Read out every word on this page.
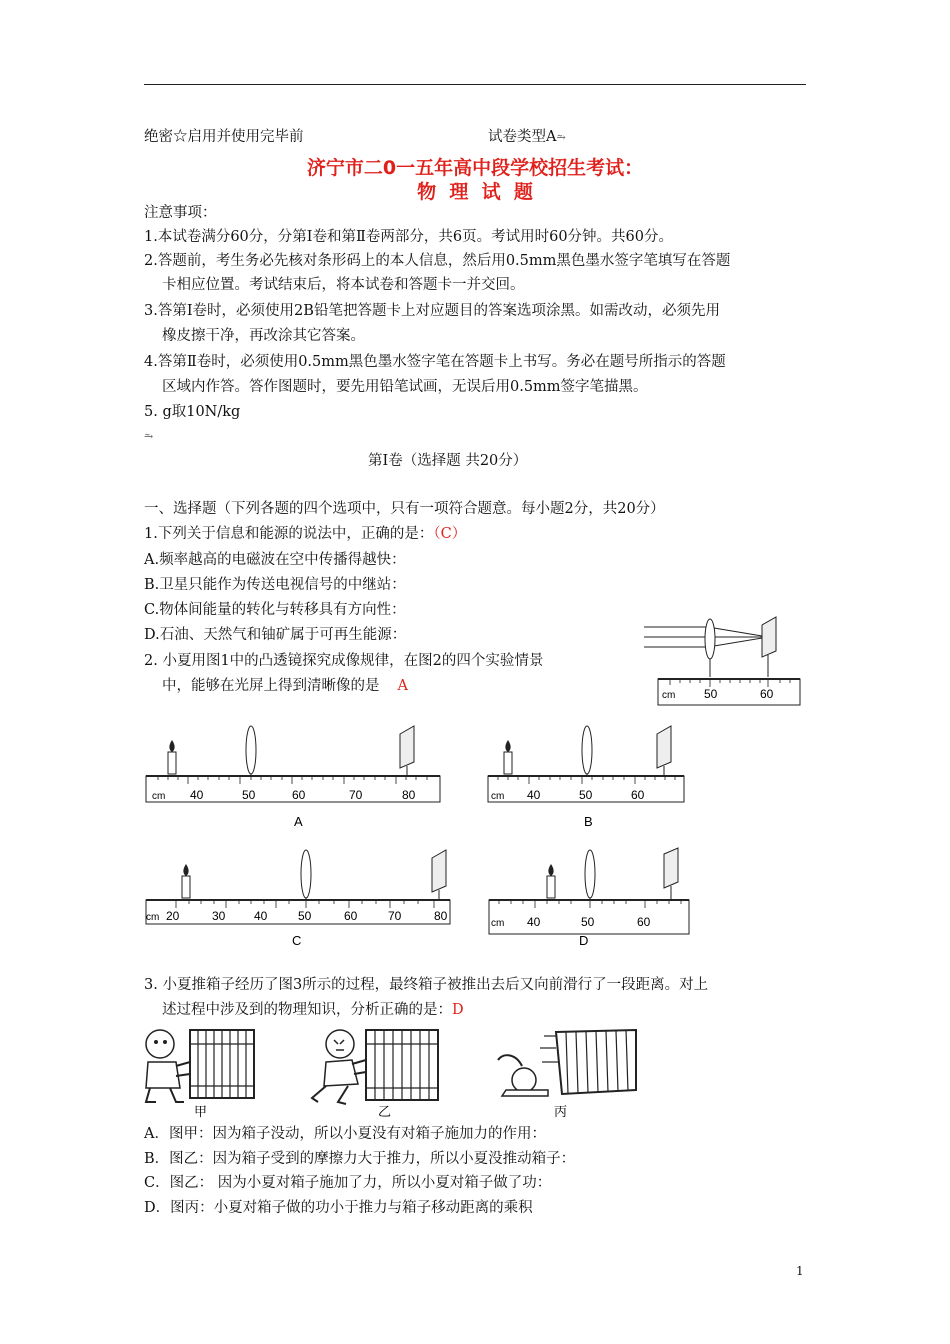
绝密☆启用并使用完毕前	试卷类型A⥲
济宁市二0一五年高中段学校招生考试：
物  理  试  题
注意事项：
1.本试卷满分60分，分第Ⅰ卷和第Ⅱ卷两部分，共6页。考试用时60分钟。共60分。
2.答题前，考生务必先核对条形码上的本人信息，然后用0.5mm黑色墨水签字笔填写在答题
卡相应位置。考试结束后，将本试卷和答题卡一并交回。
3.答第Ⅰ卷时，必须使用2B铅笔把答题卡上对应题目的答案选项涂黑。如需改动，必须先用
橡皮擦干净，再改涂其它答案。
4.答第Ⅱ卷时，必须使用0.5mm黑色墨水签字笔在答题卡上书写。务必在题号所指示的答题
区域内作答。答作图题时，要先用铅笔试画，无误后用0.5mm签字笔描黑。
5. g取10N/kg
⥲
第Ⅰ卷（选择题 共20分）
一、选择题（下列各题的四个选项中，只有一项符合题意。每小题2分，共20分）
1.下列关于信息和能源的说法中，正确的是：（C）
A.频率越高的电磁波在空中传播得越快：
B.卫星只能作为传送电视信号的中继站：
C.物体间能量的转化与转移具有方向性：
D.石油、天然气和铀矿属于可再生能源：
2. 小夏用图1中的凸透镜探究成像规律，在图2的四个实验情景
中，能够在光屏上得到清晰像的是 A
cm 50	60
cm 40	50	60	70	80
A
cm 40	50	60
B
cm 20	30 40	50	60	70	80
C
cm 40	50	60
D
3. 小夏推箱子经历了图3所示的过程，最终箱子被推出去后又向前滑行了一段距离。对上
述过程中涉及到的物理知识，分析正确的是：D
甲	乙	丙
A．图甲：因为箱子没动，所以小夏没有对箱子施加力的作用：
B．图乙：因为箱子受到的摩擦力大于推力，所以小夏没推动箱子：
C．图乙： 因为小夏对箱子施加了力，所以小夏对箱子做了功：
D．图丙：小夏对箱子做的功小于推力与箱子移动距离的乘积
1
